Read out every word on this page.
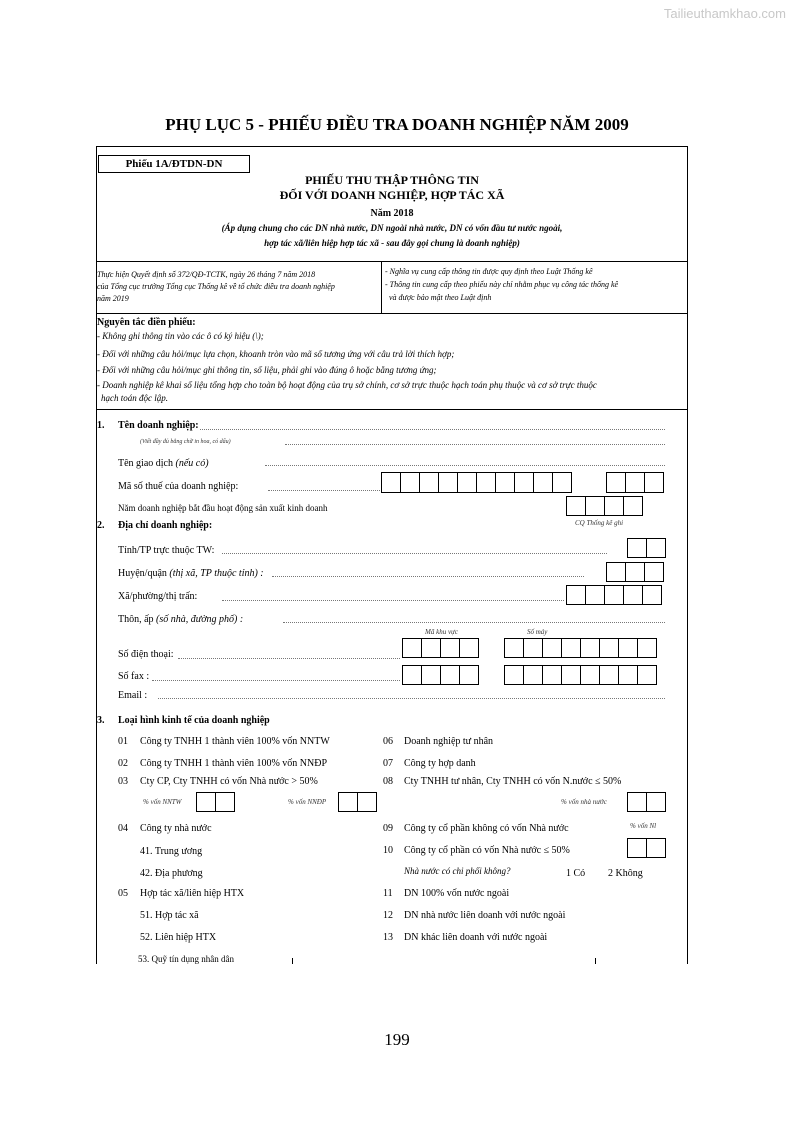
Tailieuthamkhao.com
PHỤ LỤC 5 - PHIẾU ĐIỀU TRA DOANH NGHIỆP NĂM 2009
Phiếu 1A/ĐTDN-DN
PHIẾU THU THẬP THÔNG TIN
ĐỐI VỚI DOANH NGHIỆP, HỢP TÁC XÃ
Năm 2018
(Áp dụng chung cho các DN nhà nước, DN ngoài nhà nước, DN có vốn đầu tư nước ngoài,
hợp tác xã/liên hiệp hợp tác xã - sau đây gọi chung là doanh nghiệp)
Thực hiện Quyết định số 372/QĐ-TCTK, ngày 26 tháng 7 năm 2018
của Tổng cục trưởng Tổng cục Thống kê về tổ chức điều tra doanh nghiệp
năm 2019
- Nghĩa vụ cung cấp thông tin được quy định theo Luật Thống kê
- Thông tin cung cấp theo phiếu này chỉ nhằm phục vụ công tác thống kê
và được bảo mật theo Luật định
Nguyên tắc điền phiếu:
- Không ghi thông tin vào các ô có ký hiệu (\);
- Đối với những câu hỏi/mục lựa chọn, khoanh tròn vào mã số tương ứng với câu trả lời thích hợp;
- Đối với những câu hỏi/mục ghi thông tin, số liệu, phải ghi vào đúng ô hoặc bằng tương ứng;
- Doanh nghiệp kê khai số liệu tổng hợp cho toàn bộ hoạt động của trụ sở chính, cơ sở trực thuộc hạch toán phụ thuộc và cơ sở trực thuộc
hạch toán độc lập.
1. Tên doanh nghiệp:
(Viết đầy đủ bằng chữ in hoa, có dấu)
Tên giao dịch (nếu có)
Mã số thuế của doanh nghiệp:
Năm doanh nghiệp bắt đầu hoạt động sản xuất kinh doanh
2. Địa chỉ doanh nghiệp:	CQ Thống kê ghi
Tỉnh/TP trực thuộc TW:
Huyện/quận (thị xã, TP thuộc tỉnh) :
Xã/phường/thị trấn:
Thôn, ấp (số nhà, đường phố) :
Mã khu vực	Số máy
Số điện thoại:
Số fax :
Email :
3. Loại hình kinh tế của doanh nghiệp
01 Công ty TNHH 1 thành viên 100% vốn NNTW	06 Doanh nghiệp tư nhân
02 Công ty TNHH 1 thành viên 100% vốn NNĐP	07 Công ty hợp danh
03 Cty CP, Cty TNHH có vốn Nhà nước > 50%	08 Cty TNHH tư nhân, Cty TNHH có vốn N.nước ≤ 50%
% vốn NNTW	% vốn NNĐP	% vốn nhà nước
04 Công ty nhà nước	09 Công ty cổ phần không có vốn Nhà nước	% vốn Nl
41. Trung ương	10 Công ty cổ phần có vốn Nhà nước ≤ 50%
42. Địa phương	Nhà nước có chi phối không?	1 Có 2 Không
05 Hợp tác xã/liên hiệp HTX	11 DN 100% vốn nước ngoài
51. Hợp tác xã	12 DN nhà nước liên doanh với nước ngoài
52. Liên hiệp HTX	13 DN khác liên doanh với nước ngoài
53. Quỹ tín dụng nhân dân
199
